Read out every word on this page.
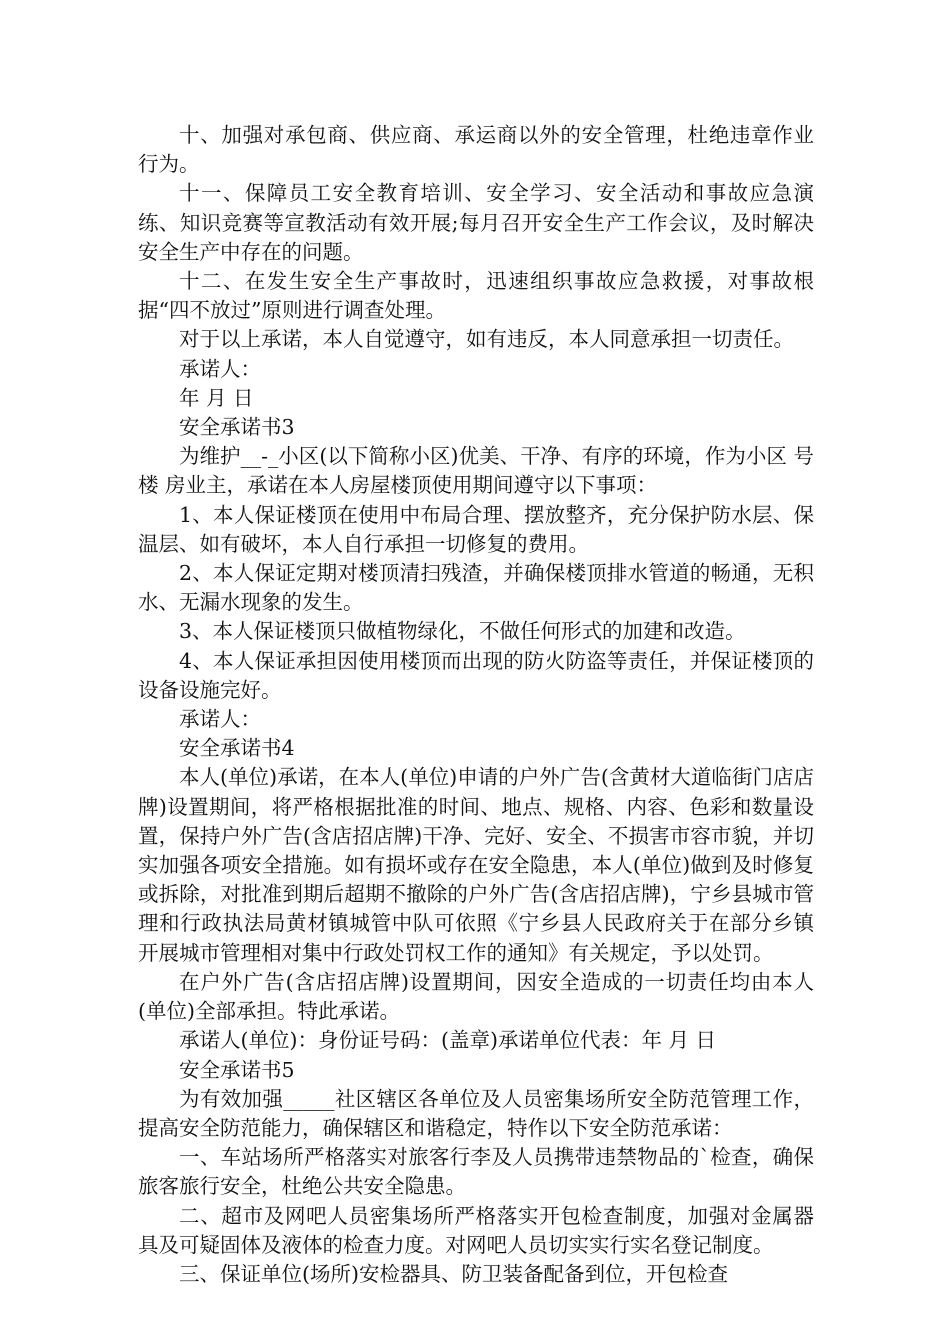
十、加强对承包商、供应商、承运商以外的安全管理，杜绝违章作业行为。

十一、保障员工安全教育培训、安全学习、安全活动和事故应急演练、知识竞赛等宣教活动有效开展;每月召开安全生产工作会议，及时解决安全生产中存在的问题。

十二、在发生安全生产事故时，迅速组织事故应急救援，对事故根据“四不放过”原则进行调查处理。

对于以上承诺，本人自觉遵守，如有违反，本人同意承担一切责任。

承诺人：

年 月 日

安全承诺书3

为维护__-_小区(以下简称小区)优美、干净、有序的环境，作为小区 号楼 房业主，承诺在本人房屋楼顶使用期间遵守以下事项：

1、本人保证楼顶在使用中布局合理、摆放整齐，充分保护防水层、保温层、如有破坏，本人自行承担一切修复的费用。

2、本人保证定期对楼顶清扫残渣，并确保楼顶排水管道的畅通，无积水、无漏水现象的发生。

3、本人保证楼顶只做植物绿化，不做任何形式的加建和改造。

4、本人保证承担因使用楼顶而出现的防火防盗等责任，并保证楼顶的设备设施完好。

承诺人：

安全承诺书4

本人(单位)承诺，在本人(单位)申请的户外广告(含黄材大道临街门店店牌)设置期间，将严格根据批准的时间、地点、规格、内容、色彩和数量设置，保持户外广告(含店招店牌)干净、完好、安全、不损害市容市貌，并切实加强各项安全措施。如有损坏或存在安全隐患，本人(单位)做到及时修复或拆除，对批准到期后超期不撤除的户外广告(含店招店牌)，宁乡县城市管理和行政执法局黄材镇城管中队可依照《宁乡县人民政府关于在部分乡镇开展城市管理相对集中行政处罚权工作的通知》有关规定，予以处罚。

在户外广告(含店招店牌)设置期间，因安全造成的一切责任均由本人(单位)全部承担。特此承诺。

承诺人(单位)：身份证号码：(盖章)承诺单位代表：年 月 日

安全承诺书5

为有效加强_____社区辖区各单位及人员密集场所安全防范管理工作，提高安全防范能力，确保辖区和谐稳定，特作以下安全防范承诺：

一、车站场所严格落实对旅客行李及人员携带违禁物品的`检查，确保旅客旅行安全，杜绝公共安全隐患。

二、超市及网吧人员密集场所严格落实开包检查制度，加强对金属器具及可疑固体及液体的检查力度。对网吧人员切实实行实名登记制度。

三、保证单位(场所)安检器具、防卫装备配备到位，开包检查
